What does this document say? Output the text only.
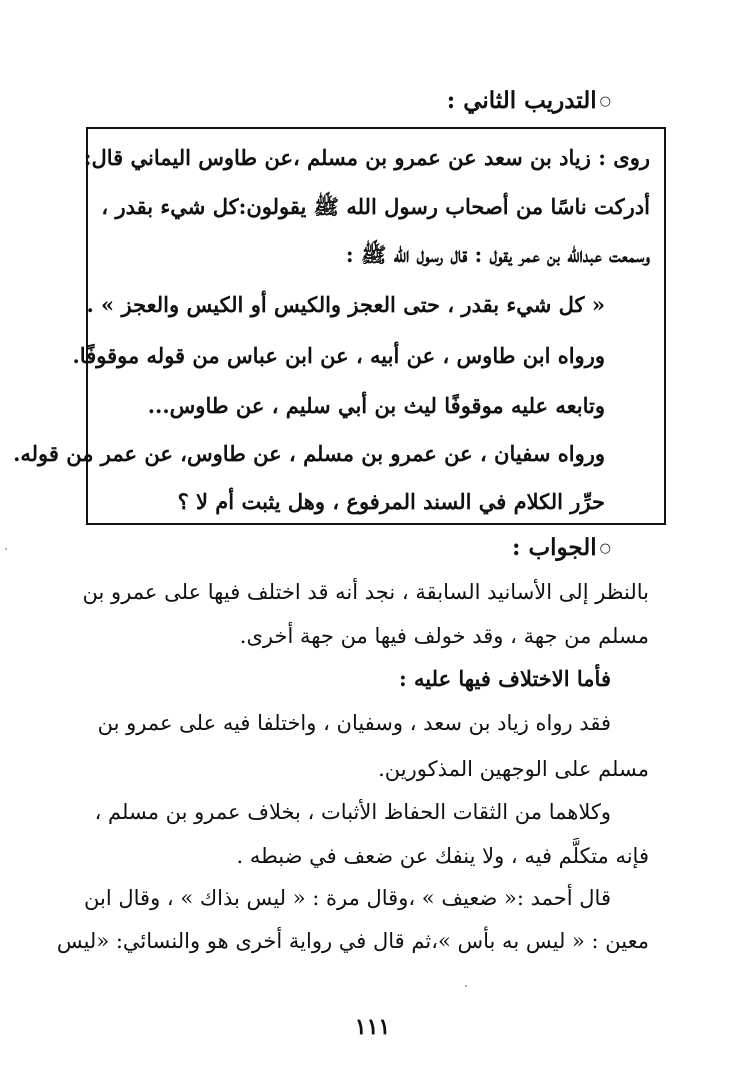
○التدريب الثاني :
روى : زياد بن سعد عن عمرو بن مسلم ،عن طاوس اليماني قال:
أدركت ناسًا من أصحاب رسول الله ﷺ يقولون:كل شيء بقدر ،
وسمعت عبدالله بن عمر يقول : قال رسول الله ﷺ :
« كل شيء بقدر ، حتى العجز والكيس أو الكيس والعجز » .
ورواه ابن طاوس ، عن أبيه ، عن ابن عباس من قوله موقوفًا.
وتابعه عليه موقوفًا ليث بن أبي سليم ، عن طاوس...
ورواه سفيان ، عن عمرو بن مسلم ، عن طاوس، عن عمر من قوله.
حرِّر الكلام في السند المرفوع ، وهل يثبت أم لا ؟
○الجواب :
بالنظر إلى الأسانيد السابقة ، نجد أنه قد اختلف فيها على عمرو بن
مسلم من جهة ، وقد خولف فيها من جهة أخرى.
فأما الاختلاف فيها عليه :
فقد رواه زياد بن سعد ، وسفيان ، واختلفا فيه على عمرو بن
مسلم على الوجهين المذكورين.
وكلاهما من الثقات الحفاظ الأثبات ، بخلاف عمرو بن مسلم ،
فإنه متكلَّم فيه ، ولا ينفك عن ضعف في ضبطه .
قال أحمد :« ضعيف » ،وقال مرة : « ليس بذاك » ، وقال ابن
معين : « ليس به بأس »،ثم قال في رواية أخرى هو والنسائي: «ليس
١١١
